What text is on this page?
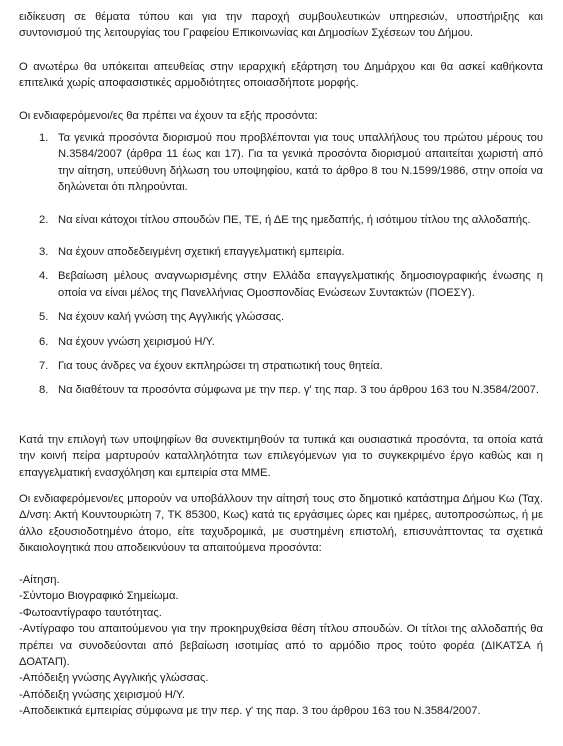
ειδίκευση σε θέματα τύπου και για την παροχή συμβουλευτικών υπηρεσιών, υποστήριξης και συντονισμού της λειτουργίας του Γραφείου Επικοινωνίας και Δημοσίων Σχέσεων του Δήμου.

Ο ανωτέρω θα υπόκειται απευθείας στην ιεραρχική εξάρτηση του Δημάρχου και θα ασκεί καθήκοντα επιτελικά χωρίς αποφασιστικές αρμοδιότητες οποιασδήποτε μορφής.

Οι ενδιαφερόμενοι/ες θα πρέπει να έχουν τα εξής προσόντα:

1. Τα γενικά προσόντα διορισμού που προβλέπονται για τους υπαλλήλους του πρώτου μέρους του Ν.3584/2007 (άρθρα 11 έως και 17). Για τα γενικά προσόντα διορισμού απαιτείται χωριστή από την αίτηση, υπεύθυνη δήλωση του υποψηφίου, κατά το άρθρο 8 του Ν.1599/1986, στην οποία να δηλώνεται ότι πληρούνται.
2. Να είναι κάτοχοι τίτλου σπουδών ΠΕ, ΤΕ, ή ΔΕ της ημεδαπής, ή ισότιμου τίτλου της αλλοδαπής.
3. Να έχουν αποδεδειγμένη σχετική επαγγελματική εμπειρία.
4. Βεβαίωση μέλους αναγνωρισμένης στην Ελλάδα επαγγελματικής δημοσιογραφικής ένωσης η οποία να είναι μέλος της Πανελλήνιας Ομοσπονδίας Ενώσεων Συντακτών (ΠΟΕΣΥ).
5. Να έχουν καλή γνώση της Αγγλικής γλώσσας.
6. Να έχουν γνώση χειρισμού Η/Υ.
7. Για τους άνδρες να έχουν εκπληρώσει τη στρατιωτική τους θητεία.
8. Να διαθέτουν τα προσόντα σύμφωνα με την περ. γ' της παρ. 3 του άρθρου 163 του Ν.3584/2007.

Κατά την επιλογή των υποψηφίων θα συνεκτιμηθούν τα τυπικά και ουσιαστικά προσόντα, τα οποία κατά την κοινή πείρα μαρτυρούν καταλληλότητα των επιλεγόμενων για το συγκεκριμένο έργο καθώς και η επαγγελματική ενασχόληση και εμπειρία στα ΜΜΕ.

Οι ενδιαφερόμενοι/ες μπορούν να υποβάλλουν την αίτησή τους στο δημοτικό κατάστημα Δήμου Κω (Ταχ. Δ/νση: Ακτή Κουντουριώτη 7, ΤΚ 85300, Κως) κατά τις εργάσιμες ώρες και ημέρες, αυτοπροσώπως, ή με άλλο εξουσιοδοτημένο άτομο, είτε ταχυδρομικά, με συστημένη επιστολή, επισυνάπτοντας τα σχετικά δικαιολογητικά που αποδεικνύουν τα απαιτούμενα προσόντα:

-Αίτηση.
-Σύντομο Βιογραφικό Σημείωμα.
-Φωτοαντίγραφο ταυτότητας.
-Αντίγραφο του απαιτούμενου για την προκηρυχθείσα θέση τίτλου σπουδών. Οι τίτλοι της αλλοδαπής θα πρέπει να συνοδεύονται από βεβαίωση ισοτιμίας από το αρμόδιο προς τούτο φορέα (ΔΙΚΑΤΣΑ ή ΔΟΑΤΑΠ).
-Απόδειξη γνώσης Αγγλικής γλώσσας.
-Απόδειξη γνώσης χειρισμού Η/Υ.
-Αποδεικτικά εμπειρίας σύμφωνα με την περ. γ' της παρ. 3 του άρθρου 163 του Ν.3584/2007.
